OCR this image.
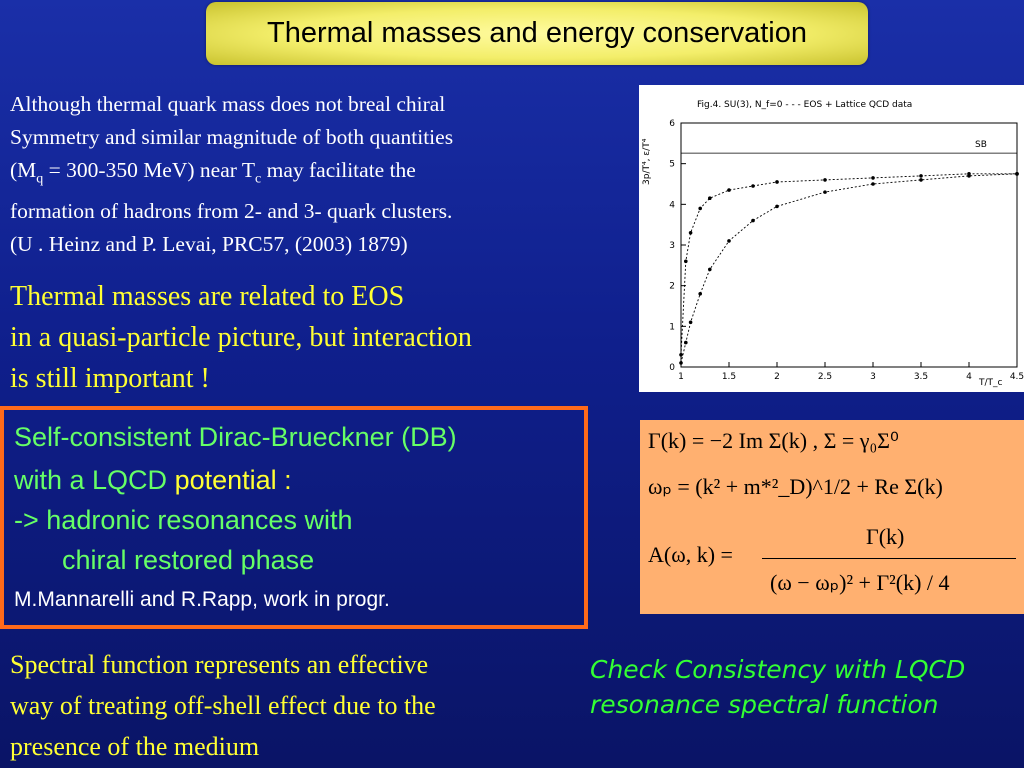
Thermal masses and energy conservation
Although thermal quark mass does not breal chiral
Symmetry and similar magnitude of both quantities
($M_q = 300-350$ MeV) near $T_c$ may facilitate the
formation of hadrons from 2- and 3- quark clusters.
(U . Heinz and P. Levai, PRC57, (2003) 1879)
Thermal masses are related to EOS
in a quasi-particle picture, but interaction
is still important !
Self-consistent Dirac-Brueckner (DB)
with a LQCD potential :
-> hadronic resonances with
chiral restored phase
M.Mannarelli and R.Rapp, work in progr.
Spectral function represents an effective
way of treating off-shell effect due to the
presence of the medium
Check Consistency with LQCD
resonance spectral function
Fig.4. SU(3), N_f=0 - - - EOS + Lattice QCD data
3p/T⁴, ε/T⁴
T/T_c
1	1.5	2	2.5	3	3.5	4	4.5
0
1
2
3
4
5
6
SB
Γ(k) = −2 Im Σ(k) , Σ = γ₀Σ⁰
ωₚ = (k² + m*²_D)^1/2 + Re Σ(k)
A(ω, k) =
Γ(k)
(ω − ωₚ)² + Γ²(k) / 4
